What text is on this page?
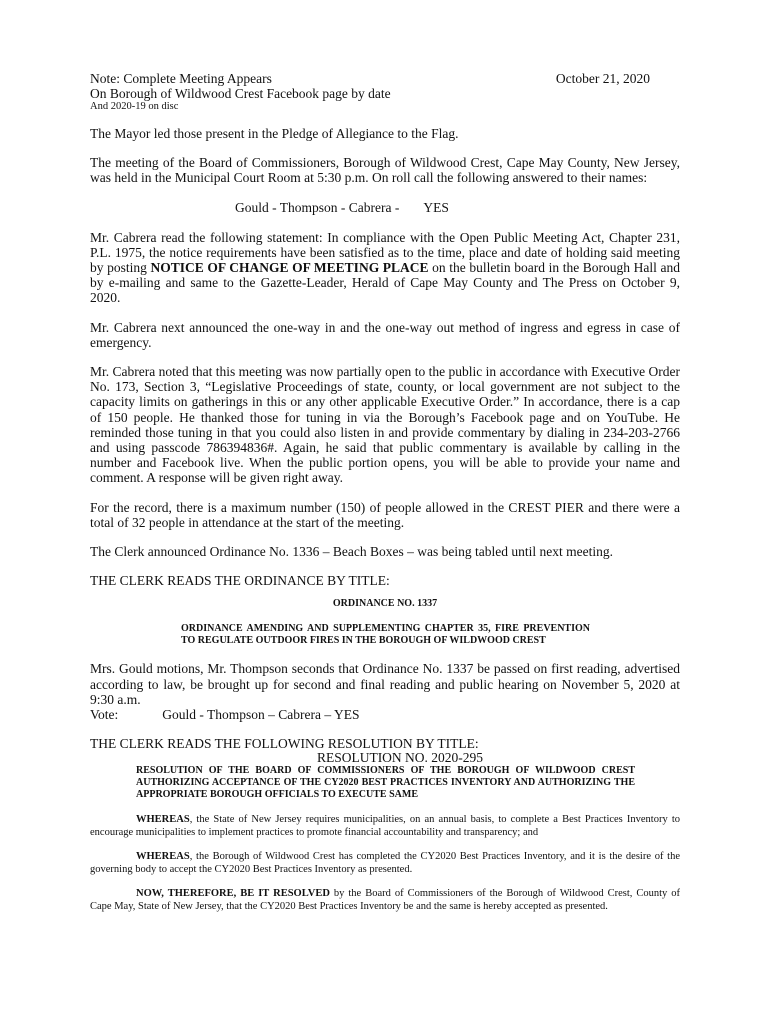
Note: Complete Meeting Appears
On Borough of Wildwood Crest Facebook page by date
And 2020-19 on disc
October 21, 2020

The Mayor led those present in the Pledge of Allegiance to the Flag.

The meeting of the Board of Commissioners, Borough of Wildwood Crest, Cape May County, New Jersey, was held in the Municipal Court Room at 5:30 p.m. On roll call the following answered to their names:

Gould - Thompson - Cabrera - YES

Mr. Cabrera read the following statement: In compliance with the Open Public Meeting Act, Chapter 231, P.L. 1975, the notice requirements have been satisfied as to the time, place and date of holding said meeting by posting NOTICE OF CHANGE OF MEETING PLACE on the bulletin board in the Borough Hall and by e-mailing and same to the Gazette-Leader, Herald of Cape May County and The Press on October 9, 2020.

Mr. Cabrera next announced the one-way in and the one-way out method of ingress and egress in case of emergency.

Mr. Cabrera noted that this meeting was now partially open to the public in accordance with Executive Order No. 173, Section 3, “Legislative Proceedings of state, county, or local government are not subject to the capacity limits on gatherings in this or any other applicable Executive Order.” In accordance, there is a cap of 150 people. He thanked those for tuning in via the Borough’s Facebook page and on YouTube. He reminded those tuning in that you could also listen in and provide commentary by dialing in 234-203-2766 and using passcode 786394836#. Again, he said that public commentary is available by calling in the number and Facebook live. When the public portion opens, you will be able to provide your name and comment. A response will be given right away.

For the record, there is a maximum number (150) of people allowed in the CREST PIER and there were a total of 32 people in attendance at the start of the meeting.

The Clerk announced Ordinance No. 1336 – Beach Boxes – was being tabled until next meeting.

THE CLERK READS THE ORDINANCE BY TITLE:

ORDINANCE NO. 1337

ORDINANCE AMENDING AND SUPPLEMENTING CHAPTER 35, FIRE PREVENTION TO REGULATE OUTDOOR FIRES IN THE BOROUGH OF WILDWOOD CREST

Mrs. Gould motions, Mr. Thompson seconds that Ordinance No. 1337 be passed on first reading, advertised according to law, be brought up for second and final reading and public hearing on November 5, 2020 at 9:30 a.m.

Vote:	Gould - Thompson – Cabrera – YES

THE CLERK READS THE FOLLOWING RESOLUTION BY TITLE:

RESOLUTION NO. 2020-295

RESOLUTION OF THE BOARD OF COMMISSIONERS OF THE BOROUGH OF WILDWOOD CREST AUTHORIZING ACCEPTANCE OF THE CY2020 BEST PRACTICES INVENTORY AND AUTHORIZING THE APPROPRIATE BOROUGH OFFICIALS TO EXECUTE SAME

WHEREAS, the State of New Jersey requires municipalities, on an annual basis, to complete a Best Practices Inventory to encourage municipalities to implement practices to promote financial accountability and transparency; and

WHEREAS, the Borough of Wildwood Crest has completed the CY2020 Best Practices Inventory, and it is the desire of the governing body to accept the CY2020 Best Practices Inventory as presented.

NOW, THEREFORE, BE IT RESOLVED by the Board of Commissioners of the Borough of Wildwood Crest, County of Cape May, State of New Jersey, that the CY2020 Best Practices Inventory be and the same is hereby accepted as presented.
